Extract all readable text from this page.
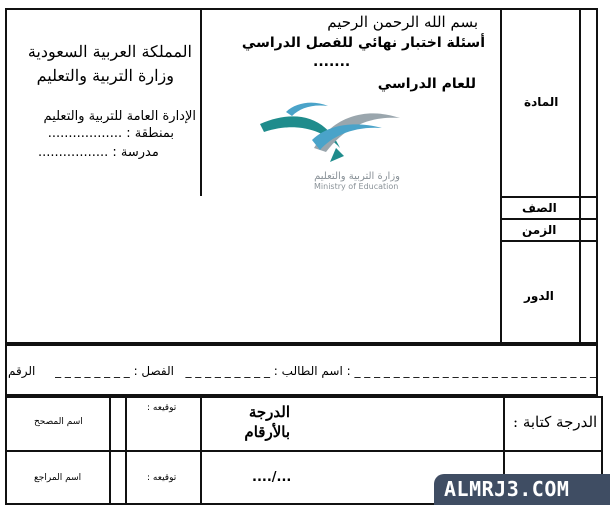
المملكة العربية السعودية
وزارة التربية والتعليم
الإدارة العامة للتربية والتعليم
بمنطقة : ..................
................. : مدرسة
بسم الله الرحمن الرحيم
أسئلة اختبار نهائي للفصل الدراسي
.......
للعام الدراسي
وزارة التربية والتعليم
Ministry of Education
المادة
الصف
الزمن
الدور
_ _ _ _ _ _ _ _ _ : اسم الطالب : _ _ _ _ _ _ _ _ _ _ _ _ _ _ _ _ _ _ _ _ _ _ _ _ _
الفصل : _ _ _ _ _ _ _ _
الرقم
: الدرجة كتابة
الدرجة
بالأرقام
..../...
: توقيعه
: توقيعه
اسم المصحح
اسم المراجع	ALMRJ3.COM
